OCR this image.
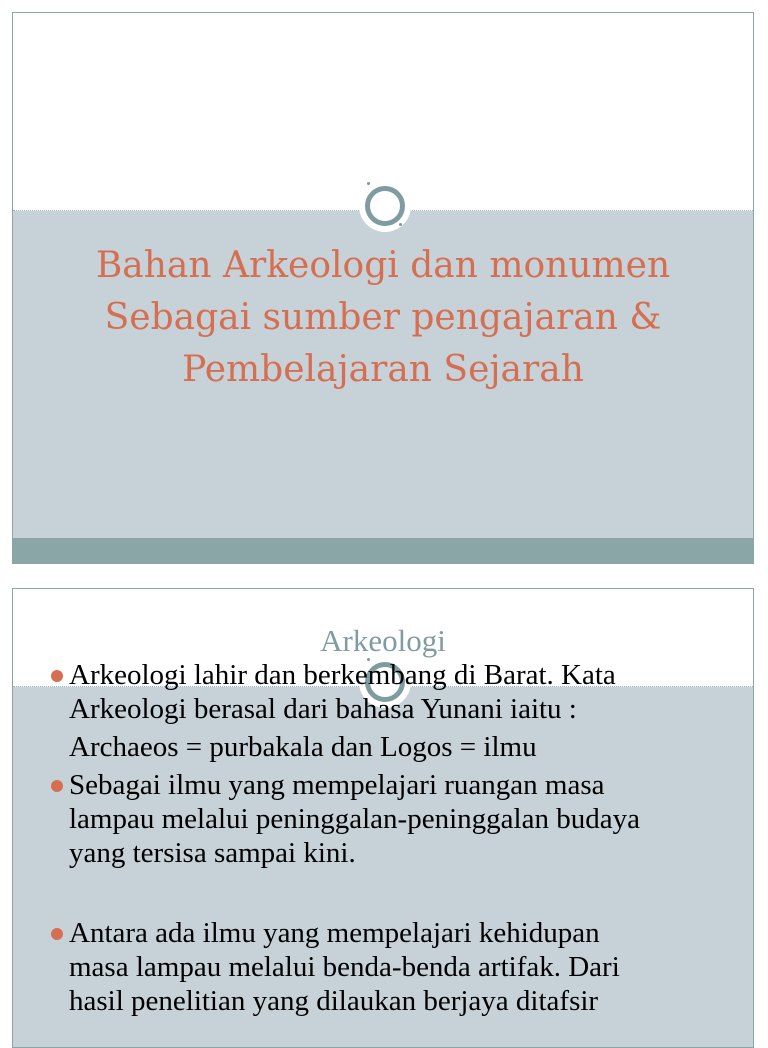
Bahan Arkeologi dan monumen
Sebagai sumber pengajaran &
Pembelajaran Sejarah
Arkeologi
Arkeologi lahir dan berkembang di Barat. Kata
Arkeologi berasal dari bahasa Yunani iaitu :
Archaeos = purbakala dan Logos = ilmu
Sebagai ilmu yang mempelajari ruangan masa
lampau melalui peninggalan-peninggalan budaya
yang tersisa sampai kini.
Antara ada ilmu yang mempelajari kehidupan
masa lampau melalui benda-benda artifak. Dari
hasil penelitian yang dilaukan berjaya ditafsir
